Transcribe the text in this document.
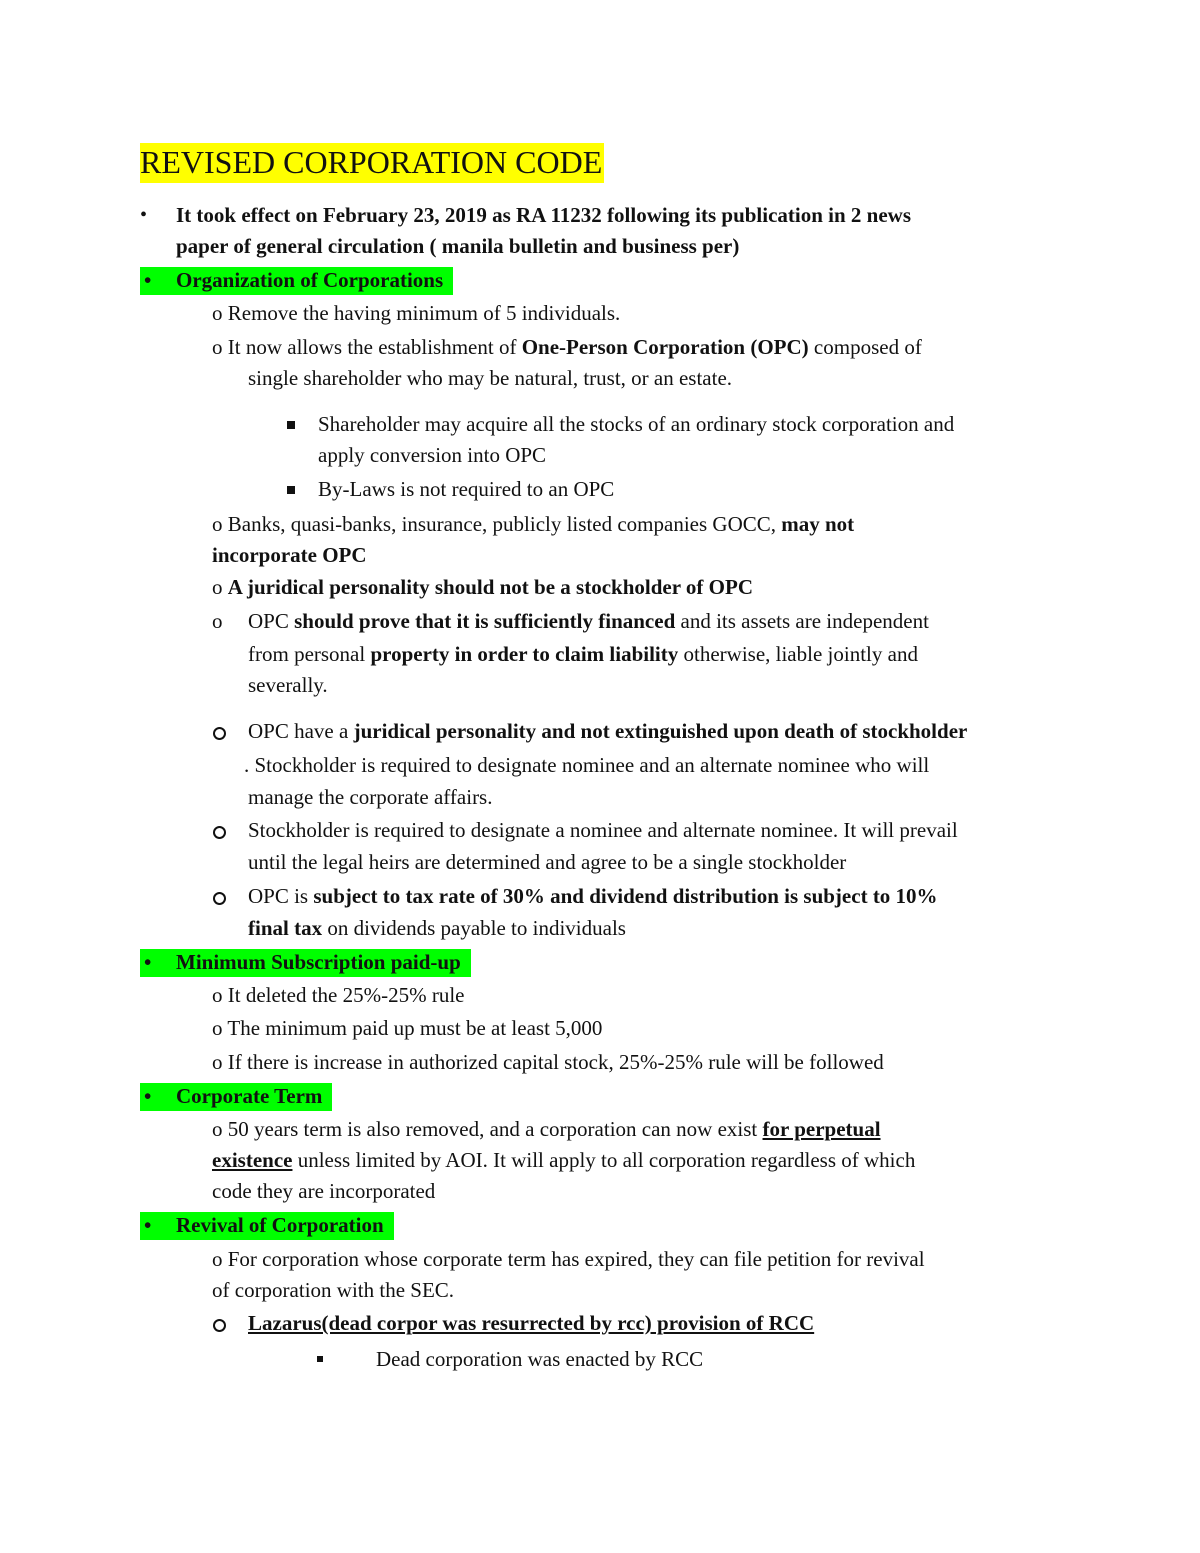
REVISED CORPORATION CODE
• It took effect on February 23, 2019 as RA 11232 following its publication in 2 news
paper of general circulation ( manila bulletin and business per)
• Organization of Corporations
o Remove the having minimum of 5 individuals.
o It now allows the establishment of One-Person Corporation (OPC) composed of
single shareholder who may be natural, trust, or an estate.
Shareholder may acquire all the stocks of an ordinary stock corporation and
apply conversion into OPC
By-Laws is not required to an OPC
o Banks, quasi-banks, insurance, publicly listed companies GOCC, may not
incorporate OPC
o A juridical personality should not be a stockholder of OPC
o OPC should prove that it is sufficiently financed and its assets are independent
from personal property in order to claim liability otherwise, liable jointly and
severally.
OPC have a juridical personality and not extinguished upon death of stockholder
. Stockholder is required to designate nominee and an alternate nominee who will
manage the corporate affairs.
Stockholder is required to designate a nominee and alternate nominee. It will prevail
until the legal heirs are determined and agree to be a single stockholder
OPC is subject to tax rate of 30% and dividend distribution is subject to 10%
final tax on dividends payable to individuals
• Minimum Subscription paid-up
o It deleted the 25%-25% rule
o The minimum paid up must be at least 5,000
o If there is increase in authorized capital stock, 25%-25% rule will be followed
• Corporate Term
o 50 years term is also removed, and a corporation can now exist for perpetual
existence unless limited by AOI. It will apply to all corporation regardless of which
code they are incorporated
• Revival of Corporation
o For corporation whose corporate term has expired, they can file petition for revival
of corporation with the SEC.
Lazarus(dead corpor was resurrected by rcc) provision of RCC
Dead corporation was enacted by RCC
